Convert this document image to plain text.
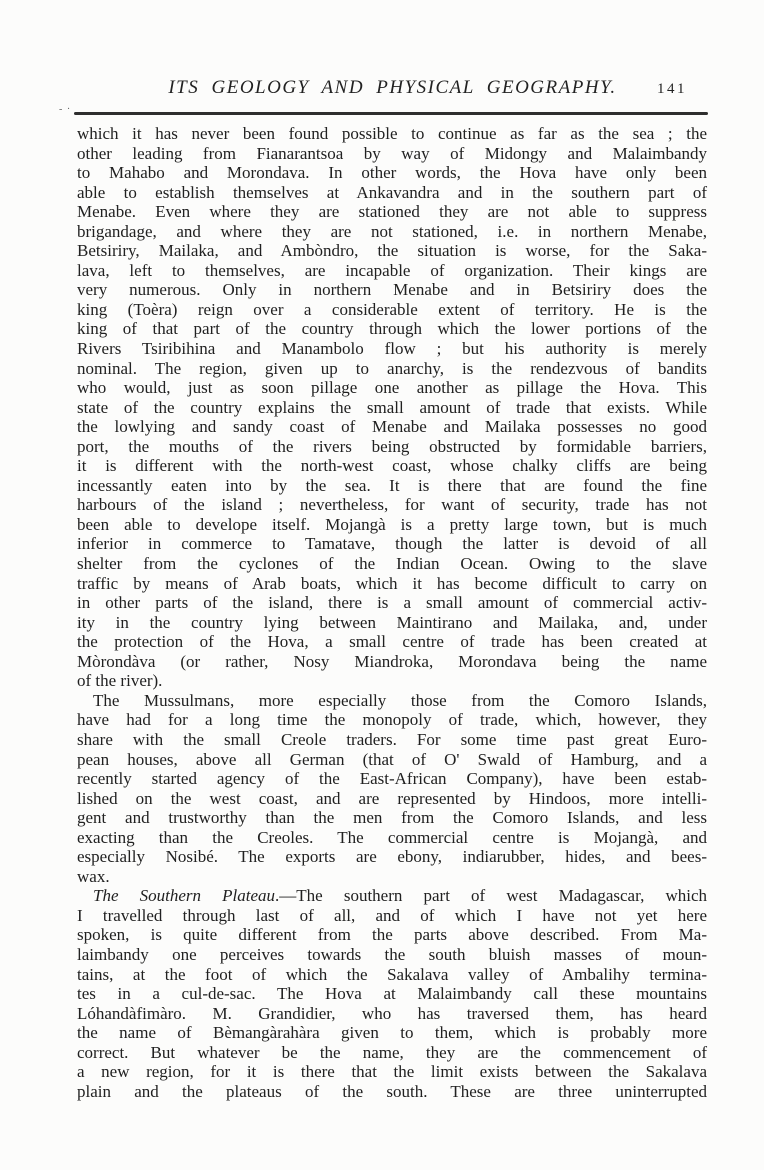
ITS GEOLOGY AND PHYSICAL GEOGRAPHY.	141
- ·
which it has never been found possible to continue as far as the sea ; the
other leading from Fianarantsoa by way of Midongy and Malaimbandy
to Mahabo and Morondava. In other words, the Hova have only been
able to establish themselves at Ankavandra and in the southern part of
Menabe. Even where they are stationed they are not able to suppress
brigandage, and where they are not stationed, i.e. in northern Menabe,
Betsiriry, Mailaka, and Ambòndro, the situation is worse, for the Saka-
lava, left to themselves, are incapable of organization. Their kings are
very numerous. Only in northern Menabe and in Betsiriry does the
king (Toèra) reign over a considerable extent of territory. He is the
king of that part of the country through which the lower portions of the
Rivers Tsiribihina and Manambolo flow ; but his authority is merely
nominal. The region, given up to anarchy, is the rendezvous of bandits
who would, just as soon pillage one another as pillage the Hova. This
state of the country explains the small amount of trade that exists. While
the lowlying and sandy coast of Menabe and Mailaka possesses no good
port, the mouths of the rivers being obstructed by formidable barriers,
it is different with the north-west coast, whose chalky cliffs are being
incessantly eaten into by the sea. It is there that are found the fine
harbours of the island ; nevertheless, for want of security, trade has not
been able to develope itself. Mojangà is a pretty large town, but is much
inferior in commerce to Tamatave, though the latter is devoid of all
shelter from the cyclones of the Indian Ocean. Owing to the slave
traffic by means of Arab boats, which it has become difficult to carry on
in other parts of the island, there is a small amount of commercial activ-
ity in the country lying between Maintirano and Mailaka, and, under
the protection of the Hova, a small centre of trade has been created at
Mòrondàva (or rather, Nosy Miandroka, Morondava being the name
of the river).
The Mussulmans, more especially those from the Comoro Islands,
have had for a long time the monopoly of trade, which, however, they
share with the small Creole traders. For some time past great Euro-
pean houses, above all German (that of O' Swald of Hamburg, and a
recently started agency of the East-African Company), have been estab-
lished on the west coast, and are represented by Hindoos, more intelli-
gent and trustworthy than the men from the Comoro Islands, and less
exacting than the Creoles. The commercial centre is Mojangà, and
especially Nosibé. The exports are ebony, indiarubber, hides, and bees-
wax.
The Southern Plateau.—The southern part of west Madagascar, which
I travelled through last of all, and of which I have not yet here
spoken, is quite different from the parts above described. From Ma-
laimbandy one perceives towards the south bluish masses of moun-
tains, at the foot of which the Sakalava valley of Ambalihy termina-
tes in a cul-de-sac. The Hova at Malaimbandy call these mountains
Lóhandàfimàro. M. Grandidier, who has traversed them, has heard
the name of Bèmangàrahàra given to them, which is probably more
correct. But whatever be the name, they are the commencement of
a new region, for it is there that the limit exists between the Sakalava
plain and the plateaus of the south. These are three uninterrupted
